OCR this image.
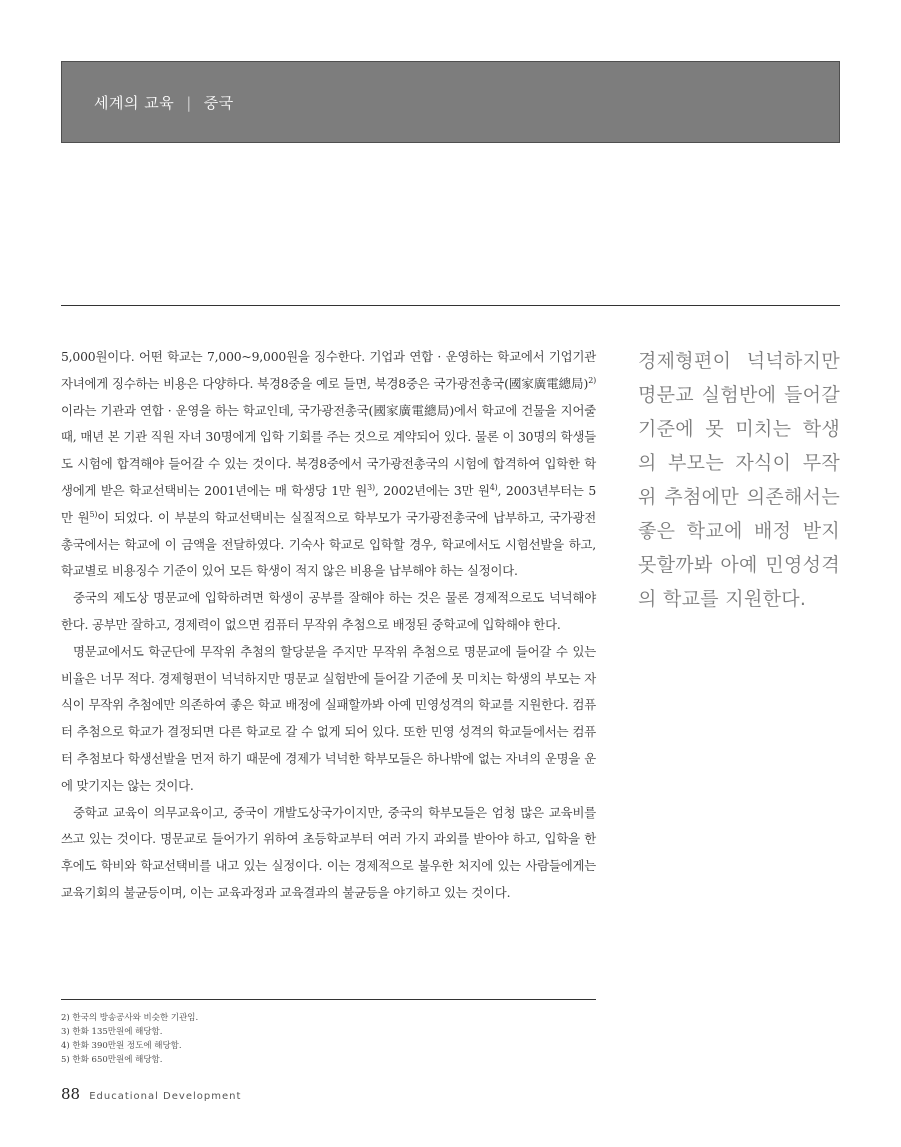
세계의 교육 | 중국

5,000원이다. 어떤 학교는 7,000~9,000원을 징수한다. 기업과 연합 · 운영하는 학교에서 기업기관 자녀에게 징수하는 비용은 다양하다. 북경8중을 예로 들면, 북경8중은 국가광전총국(國家廣電總局)$^{2)}$이라는 기관과 연합 · 운영을 하는 학교인데, 국가광전총국(國家廣電總局)에서 학교에 건물을 지어줄 때, 매년 본 기관 직원 자녀 30명에게 입학 기회를 주는 것으로 계약되어 있다. 물론 이 30명의 학생들도 시험에 합격해야 들어갈 수 있는 것이다. 북경8중에서 국가광전총국의 시험에 합격하여 입학한 학생에게 받은 학교선택비는 2001년에는 매 학생당 1만 원$^{3)}$, 2002년에는 3만 원$^{4)}$, 2003년부터는 5만 원$^{5)}$이 되었다. 이 부분의 학교선택비는 실질적으로 학부모가 국가광전총국에 납부하고, 국가광전총국에서는 학교에 이 금액을 전달하였다. 기숙사 학교로 입학할 경우, 학교에서도 시험선발을 하고, 학교별로 비용징수 기준이 있어 모든 학생이 적지 않은 비용을 납부해야 하는 실정이다.

중국의 제도상 명문교에 입학하려면 학생이 공부를 잘해야 하는 것은 물론 경제적으로도 넉넉해야 한다. 공부만 잘하고, 경제력이 없으면 컴퓨터 무작위 추첨으로 배정된 중학교에 입학해야 한다.

명문교에서도 학군단에 무작위 추첨의 할당분을 주지만 무작위 추첨으로 명문교에 들어갈 수 있는 비율은 너무 적다. 경제형편이 넉넉하지만 명문교 실험반에 들어갈 기준에 못 미치는 학생의 부모는 자식이 무작위 추첨에만 의존하여 좋은 학교 배정에 실패할까봐 아예 민영성격의 학교를 지원한다. 컴퓨터 추첨으로 학교가 결정되면 다른 학교로 갈 수 없게 되어 있다. 또한 민영 성격의 학교들에서는 컴퓨터 추첨보다 학생선발을 먼저 하기 때문에 경제가 넉넉한 학부모들은 하나밖에 없는 자녀의 운명을 운에 맞기지는 않는 것이다.

중학교 교육이 의무교육이고, 중국이 개발도상국가이지만, 중국의 학부모들은 엄청 많은 교육비를 쓰고 있는 것이다. 명문교로 들어가기 위하여 초등학교부터 여러 가지 과외를 받아야 하고, 입학을 한 후에도 학비와 학교선택비를 내고 있는 실정이다. 이는 경제적으로 불우한 처지에 있는 사람들에게는 교육기회의 불균등이며, 이는 교육과정과 교육결과의 불균등을 야기하고 있는 것이다.

경제형편이 넉넉하지만 명문교 실험반에 들어갈 기준에 못 미치는 학생의 부모는 자식이 무작위 추첨에만 의존해서는 좋은 학교에 배정 받지 못할까봐 아예 민영성격의 학교를 지원한다.
2) 한국의 방송공사와 비슷한 기관임.
3) 한화 135만원에 해당함.
4) 한화 390만원 정도에 해당함.
5) 한화 650만원에 해당함.
88 Educational Development
